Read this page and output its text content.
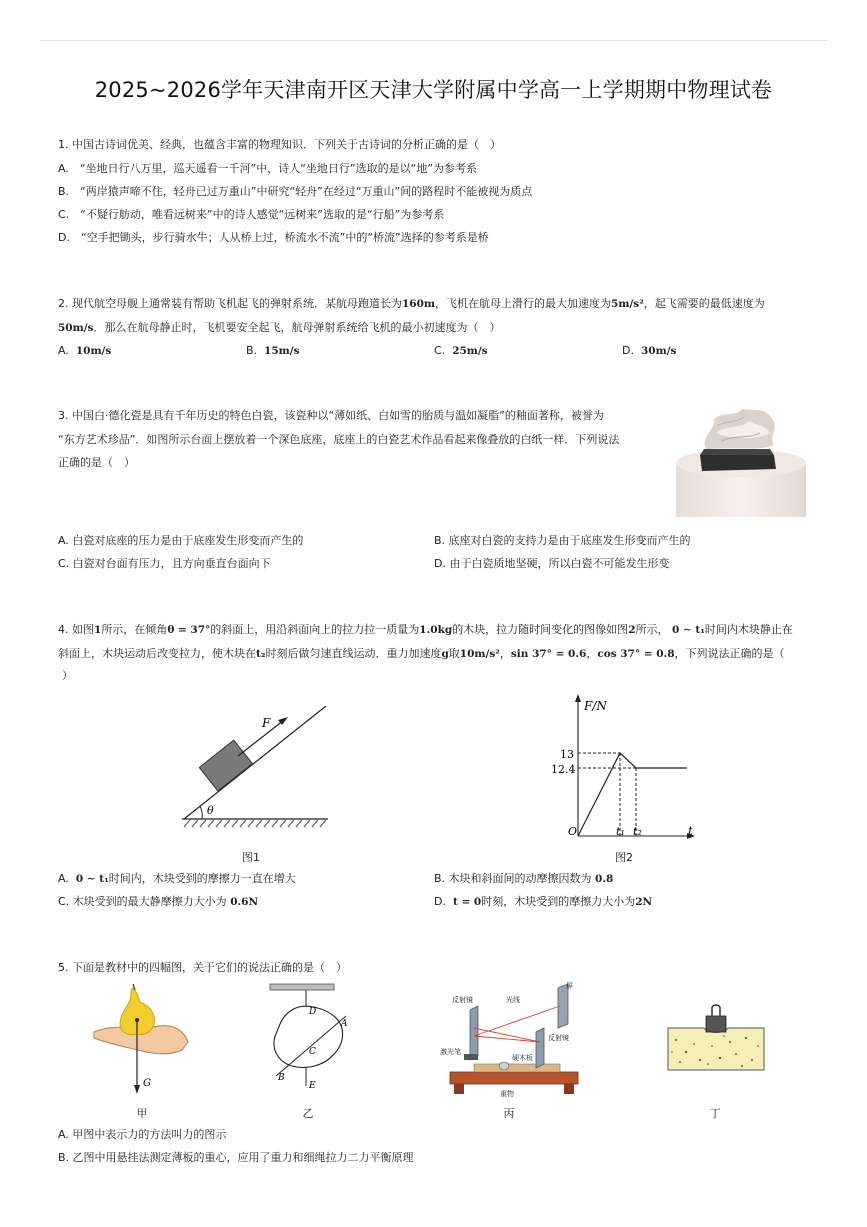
2025~2026学年天津南开区天津大学附属中学高一上学期期中物理试卷
1. 中国古诗词优美、经典，也蕴含丰富的物理知识．下列关于古诗词的分析正确的是（　）
A.　“坐地日行八万里，巡天遥看一千河”中，诗人“坐地日行”选取的是以“地”为参考系
B.　“两岸猿声啼不住，轻舟已过万重山”中研究“轻舟”在经过“万重山”间的路程时不能被视为质点
C.　“不疑行舫动，唯看远树来”中的诗人感觉“远树来”选取的是“行船”为参考系
D.　“空手把锄头，步行骑水牛；人从桥上过，桥流水不流”中的“桥流”选择的参考系是桥
2. 现代航空母舰上通常装有帮助飞机起飞的弹射系统．某航母跑道长为160m，飞机在航母上滑行的最大加速度为5m/s²，起飞需要的最低速度为
50m/s．那么在航母静止时，飞机要安全起飞，航母弹射系统给飞机的最小初速度为（　）
A. 10m/s	B. 15m/s	C. 25m/s	D. 30m/s
3. 中国白·德化瓷是具有千年历史的特色白瓷，该瓷种以“薄如纸、白如雪的胎质与温如凝脂”的釉面著称，被誉为
“东方艺术珍品”．如图所示台面上摆放着一个深色底座，底座上的白瓷艺术作品看起来像叠放的白纸一样．下列说法
正确的是（　）
A. 白瓷对底座的压力是由于底座发生形变而产生的	B. 底座对白瓷的支持力是由于底座发生形变而产生的
C. 白瓷对台面有压力，且方向垂直台面向下	D. 由于白瓷质地坚硬，所以白瓷不可能发生形变
4. 如图1所示，在倾角θ = 37°的斜面上，用沿斜面向上的拉力拉一质量为1.0kg的木块，拉力随时间变化的图像如图2所示， 0 ∼ t₁时间内木块静止在
斜面上，木块运动后改变拉力，使木块在t₂时刻后做匀速直线运动．重力加速度g取10m/s²，sin 37° = 0.6，cos 37° = 0.8，下列说法正确的是（
）
θ
F
图1
F/N
t
O
13
12.4
t₁ t₂
图2
A. 0 ∼ t₁时间内，木块受到的摩擦力一直在增大	B. 木块和斜面间的动摩擦因数为 0.8
C. 木块受到的最大静摩擦力大小为 0.6N	D. t = 0时刻，木块受到的摩擦力大小为2N
5. 下面是教材中的四幅图，关于它们的说法正确的是（　）
G
甲
D
A
C
B
E
乙
反射镜	光线
屏
反射镜
激光笔
硬木板
重物
丙	丁
A. 甲图中表示力的方法叫力的图示
B. 乙图中用悬挂法测定薄板的重心，应用了重力和细绳拉力二力平衡原理
